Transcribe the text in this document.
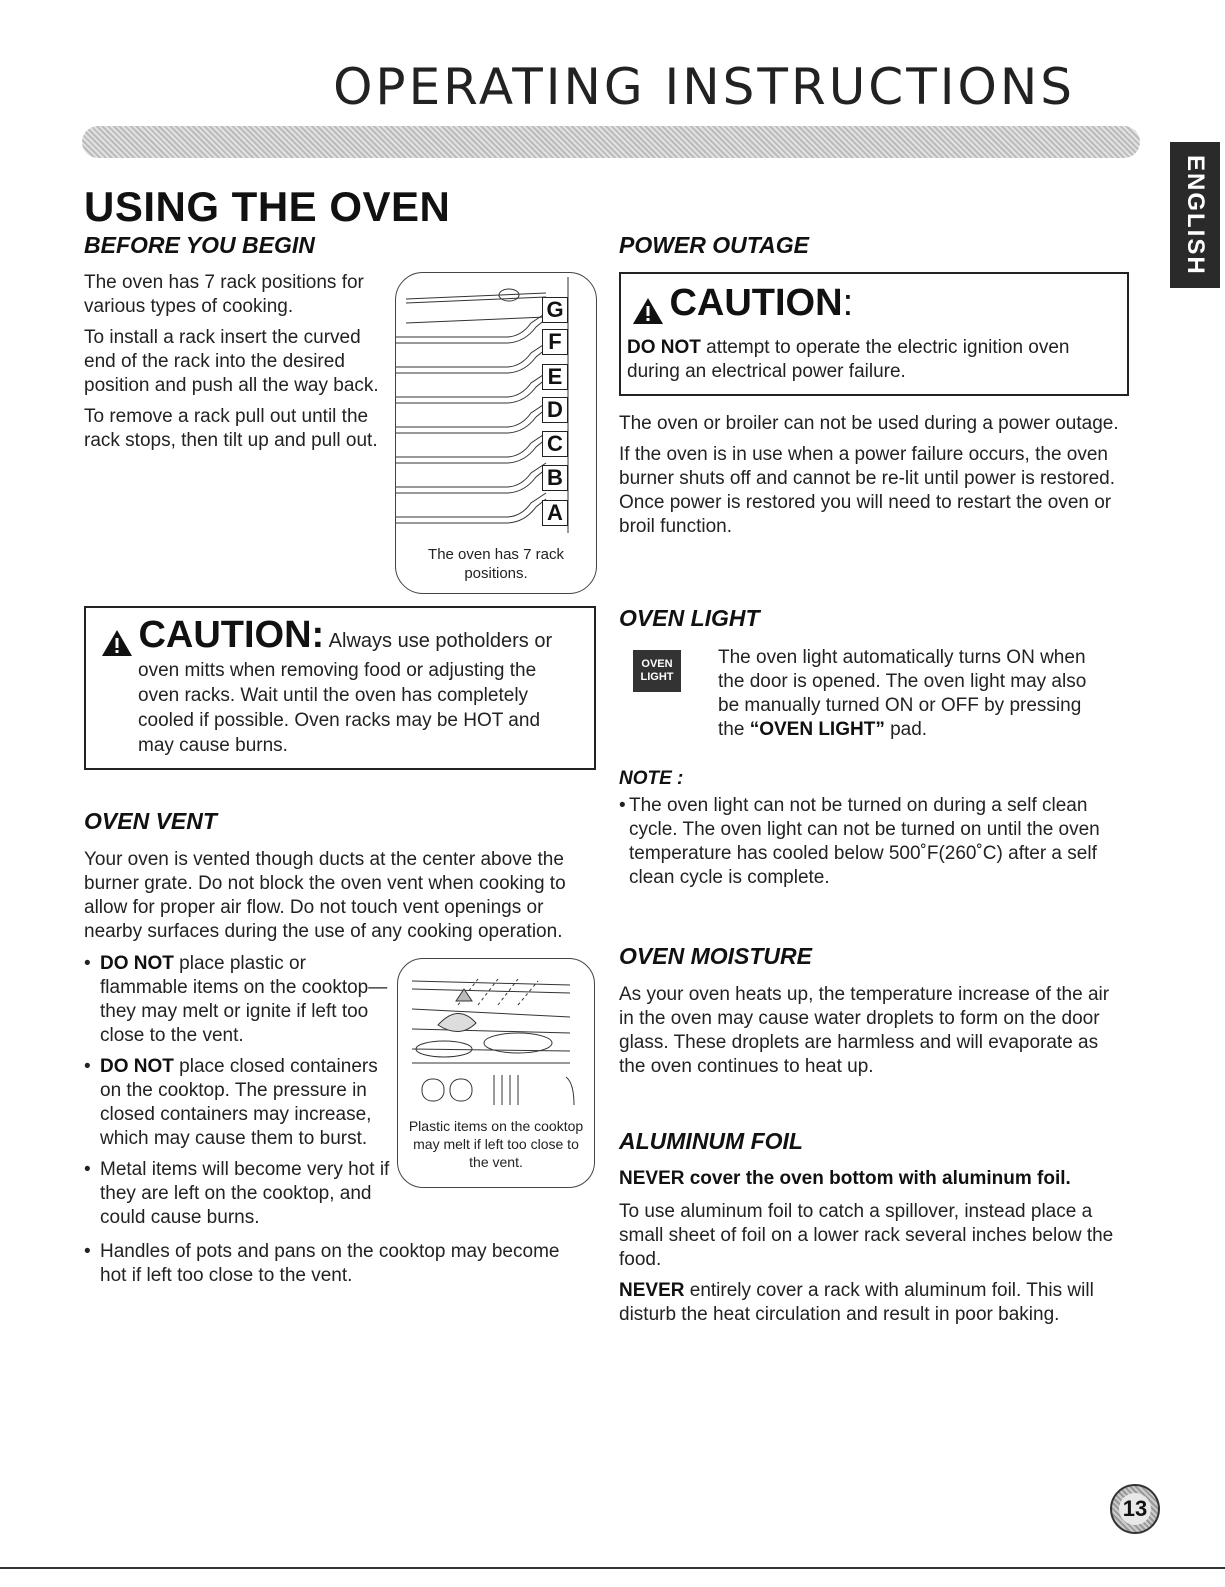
OPERATING INSTRUCTIONS
ENGLISH
USING THE OVEN
BEFORE YOU BEGIN

The oven has 7 rack positions for various types of cooking.

To install a rack insert the curved end of the rack into the desired position and push all the way back.

To remove a rack pull out until the rack stops, then tilt up and pull out.

G
F
E
D
C
B
A
The oven has 7 rack positions.
CAUTION: Always use potholders or
oven mitts when removing food or adjusting the oven racks. Wait until the oven has completely cooled if possible. Oven racks may be HOT and may cause burns.
OVEN VENT
Your oven is vented though ducts at the center above the burner grate. Do not block the oven vent when cooking to allow for proper air flow. Do not touch vent openings or nearby surfaces during the use of any cooking operation.
• DO NOT place plastic or flammable items on the cooktop—they may melt or ignite if left too close to the vent.
• DO NOT place closed containers on the cooktop. The pressure in closed containers may increase, which may cause them to burst.
• Metal items will become very hot if they are left on the cooktop, and could cause burns.
• Handles of pots and pans on the cooktop may become hot if left too close to the vent.
Plastic items on the cooktop may melt if left too close to the vent.
POWER OUTAGE
CAUTION:
DO NOT attempt to operate the electric ignition oven during an electrical power failure.

The oven or broiler can not be used during a power outage.

If the oven is in use when a power failure occurs, the oven burner shuts off and cannot be re-lit until power is restored. Once power is restored you will need to restart the oven or broil function.

OVEN LIGHT
OVEN
LIGHT
The oven light automatically turns ON when the door is opened. The oven light may also be manually turned ON or OFF by pressing the “OVEN LIGHT” pad.
NOTE :
• The oven light can not be turned on during a self clean cycle. The oven light can not be turned on until the oven temperature has cooled below 500˚F(260˚C) after a self clean cycle is complete.
OVEN MOISTURE
As your oven heats up, the temperature increase of the air in the oven may cause water droplets to form on the door glass. These droplets are harmless and will evaporate as the oven continues to heat up.
ALUMINUM FOIL
NEVER cover the oven bottom with aluminum foil.

To use aluminum foil to catch a spillover, instead place a small sheet of foil on a lower rack several inches below the food.

NEVER entirely cover a rack with aluminum foil. This will disturb the heat circulation and result in poor baking.

13
